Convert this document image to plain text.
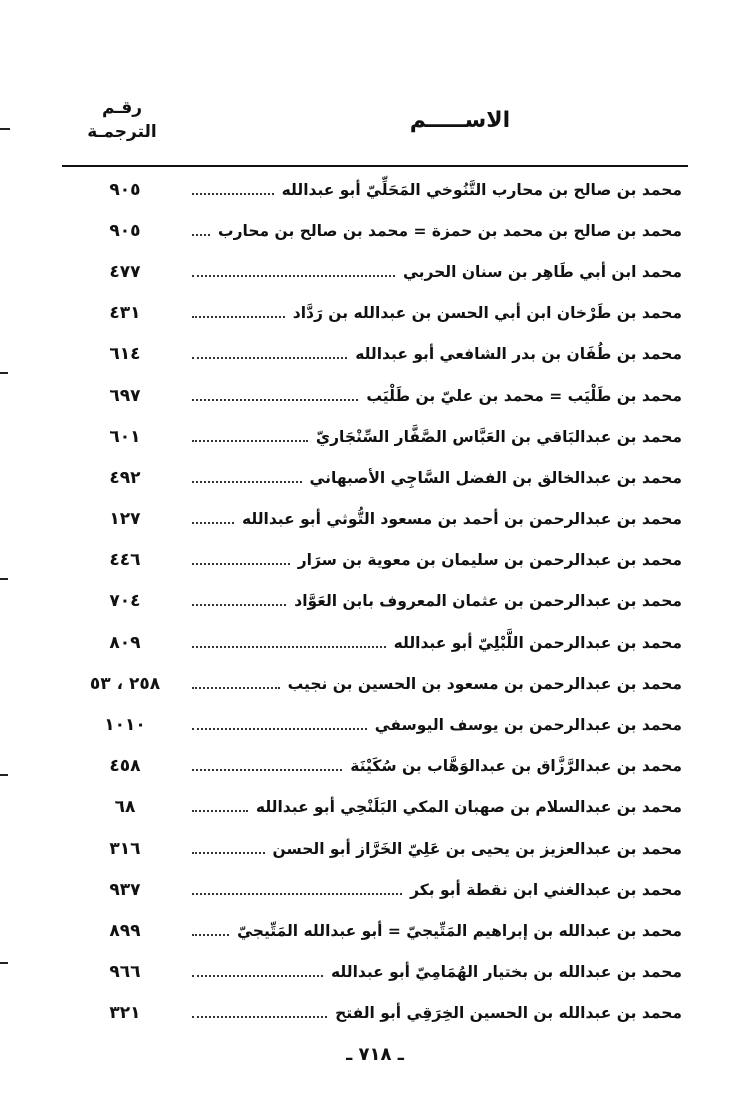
الاســـــم
رقـم
الترجمـة
٩٠٥	محمد بن صالح بن محارب التَّنُوخي المَحَلِّيّ أبو عبدالله
٩٠٥	محمد بن صالح بن محمد بن حمزة = محمد بن صالح بن محارب
٤٧٧	محمد ابن أبي طَاهِر بن سنان الحربي
٤٣١	محمد بن طَرْخان ابن أبي الحسن بن عبدالله بن رَدَّاد
٦١٤	محمد بن طُفَان بن بدر الشافعي أبو عبدالله
٦٩٧	محمد بن طَلْيَب = محمد بن عليّ بن طَلْيَب
٦٠١	محمد بن عبدالبَاقي بن العَبَّاس الصَّفَّار السِّنْجَاريّ
٤٩٢	محمد بن عبدالخالق بن الفضل السَّاجِي الأصبهاني
١٢٧	محمد بن عبدالرحمن بن أحمد بن مسعود التُّوثي أبو عبدالله
٤٤٦	محمد بن عبدالرحمن بن سليمان بن معوية بن سرَار
٧٠٤	محمد بن عبدالرحمن بن عثمان المعروف بابن العَوَّاد
٨٠٩	محمد بن عبدالرحمن اللَّبْلِيّ أبو عبدالله
٢٥٨ ، ٥٣	محمد بن عبدالرحمن بن مسعود بن الحسين بن نجيب
١٠١٠	محمد بن عبدالرحمن بن يوسف اليوسفي
٤٥٨	محمد بن عبدالرَّزَّاق بن عبدالوَهَّاب بن سُكَيْنَة
٦٨	محمد بن عبدالسلام بن صهبان المكي البَلَنْحِي أبو عبدالله
٣١٦	محمد بن عبدالعزيز بن يحيى بن عَلِيّ الخَرَّاز أبو الحسن
٩٣٧	محمد بن عبدالغني ابن نقطة أبو بكر
٨٩٩	محمد بن عبدالله بن إبراهيم المَتِّيجيّ = أبو عبدالله المَتِّيجيّ
٩٦٦	محمد بن عبدالله بن بختيار الهُمَامِيّ أبو عبدالله
٣٢١	محمد بن عبدالله بن الحسين الخِرَقِي أبو الفتح
ـ ٧١٨ ـ
